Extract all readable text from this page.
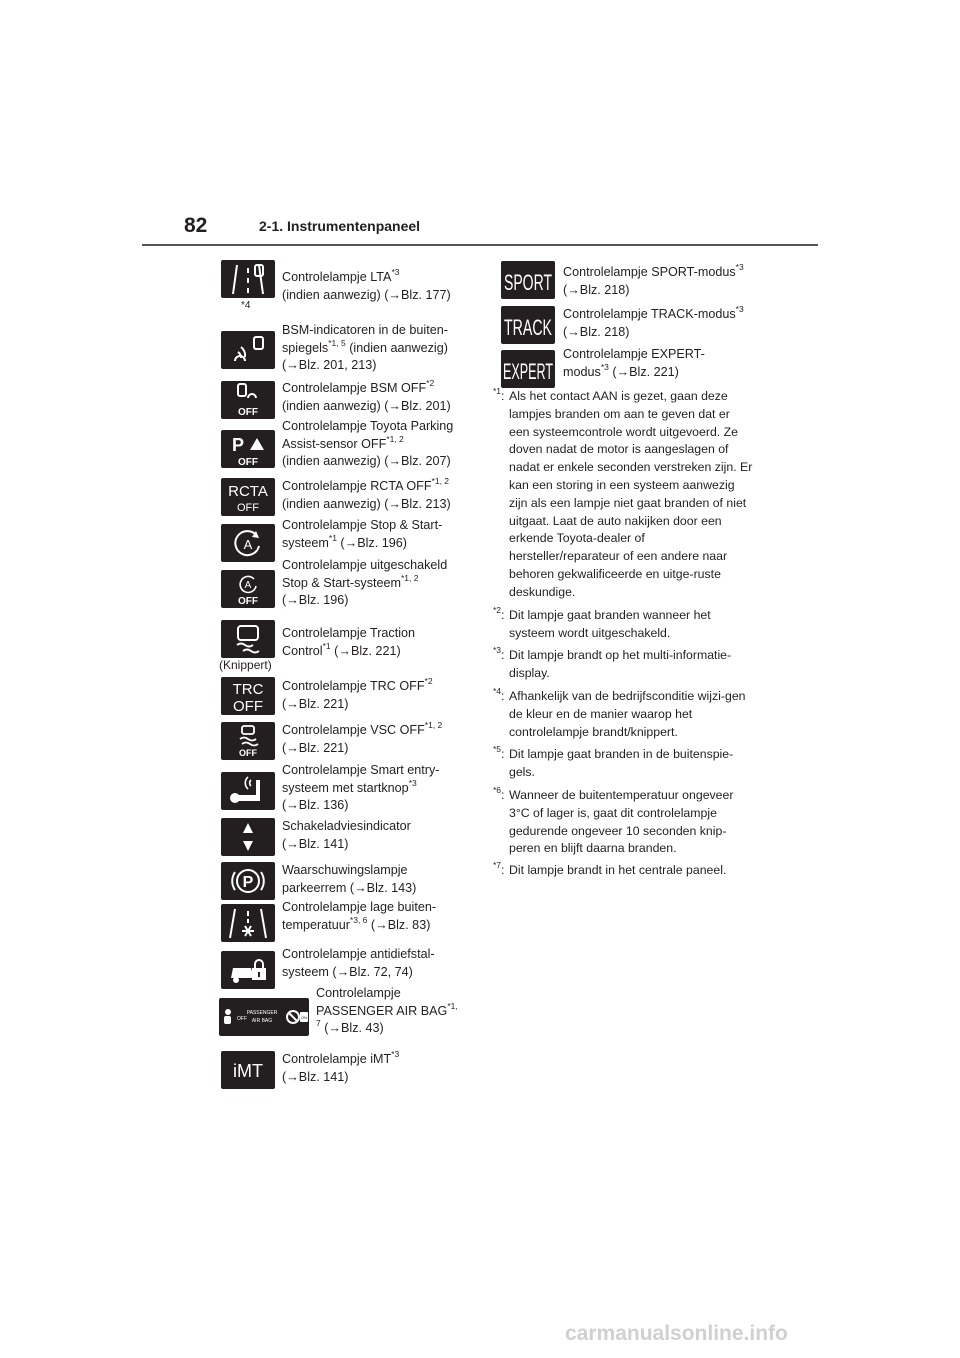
82	2-1. Instrumentenpaneel
*4
Controlelampje LTA$^{*3}$
(indien aanwezig) (→Blz. 177)
BSM-indicatoren in de buiten-
spiegels$^{*1, 5}$ (indien aanwezig)
(→Blz. 201, 213)
OFF
Controlelampje BSM OFF$^{*2}$
(indien aanwezig) (→Blz. 201)
P
OFF
Controlelampje Toyota Parking
Assist-sensor OFF$^{*1, 2}$
(indien aanwezig) (→Blz. 207)
RCTA
OFF
Controlelampje RCTA OFF$^{*1, 2}$
(indien aanwezig) (→Blz. 213)
A
Controlelampje Stop & Start-
systeem$^{*1}$ (→Blz. 196)
A
OFF
Controlelampje uitgeschakeld
Stop & Start-systeem$^{*1, 2}$
(→Blz. 196)
(Knippert)
Controlelampje Traction
Control$^{*1}$ (→Blz. 221)
TRC
OFF
Controlelampje TRC OFF$^{*2}$
(→Blz. 221)
OFF
Controlelampje VSC OFF$^{*1, 2}$
(→Blz. 221)
Controlelampje Smart entry-
systeem met startknop$^{*3}$
(→Blz. 136)
Schakeladviesindicator
(→Blz. 141)
P
Waarschuwingslampje
parkeerrem (→Blz. 143)
Controlelampje lage buiten-
temperatuur$^{*3, 6}$ (→Blz. 83)
Controlelampje antidiefstal-
systeem (→Blz. 72, 74)
OFF	ON
PASSENGER
AIR BAG
Controlelampje
PASSENGER AIR $BAG^{*1,}$
$^7$ (→Blz. 43)
iMT
Controlelampje iMT$^{*3}$
(→Blz. 141)
SPORT Controlelampje SPORT-modus$^{*3}$
(→Blz. 218)
TRACK
Controlelampje TRACK-modus$^{*3}$
(→Blz. 218)
EXPERT
Controlelampje EXPERT-
modus$^{*3}$ (→Blz. 221)
$^{*1}$: Als het contact AAN is gezet, gaan deze lampjes branden om aan te geven dat er een systeemcontrole wordt uitgevoerd. Ze doven nadat de motor is aangeslagen of nadat er enkele seconden verstreken zijn. Er kan een storing in een systeem aanwezig zijn als een lampje niet gaat branden of niet uitgaat. Laat de auto nakijken door een erkende Toyota-dealer of hersteller/reparateur of een andere naar behoren gekwalificeerde en uitge-ruste deskundige.
$^{*2}$: Dit lampje gaat branden wanneer het systeem wordt uitgeschakeld.
$^{*3}$: Dit lampje brandt op het multi-informatie-display.
$^{*4}$: Afhankelijk van de bedrijfsconditie wijzi-gen de kleur en de manier waarop het controlelampje brandt/knippert.
$^{*5}$: Dit lampje gaat branden in de buitenspie-gels.
$^{*6}$: Wanneer de buitentemperatuur ongeveer 3°C of lager is, gaat dit controlelampje gedurende ongeveer 10 seconden knip-peren en blijft daarna branden.
$^{*7}$: Dit lampje brandt in het centrale paneel.
carmanualsonline.info
